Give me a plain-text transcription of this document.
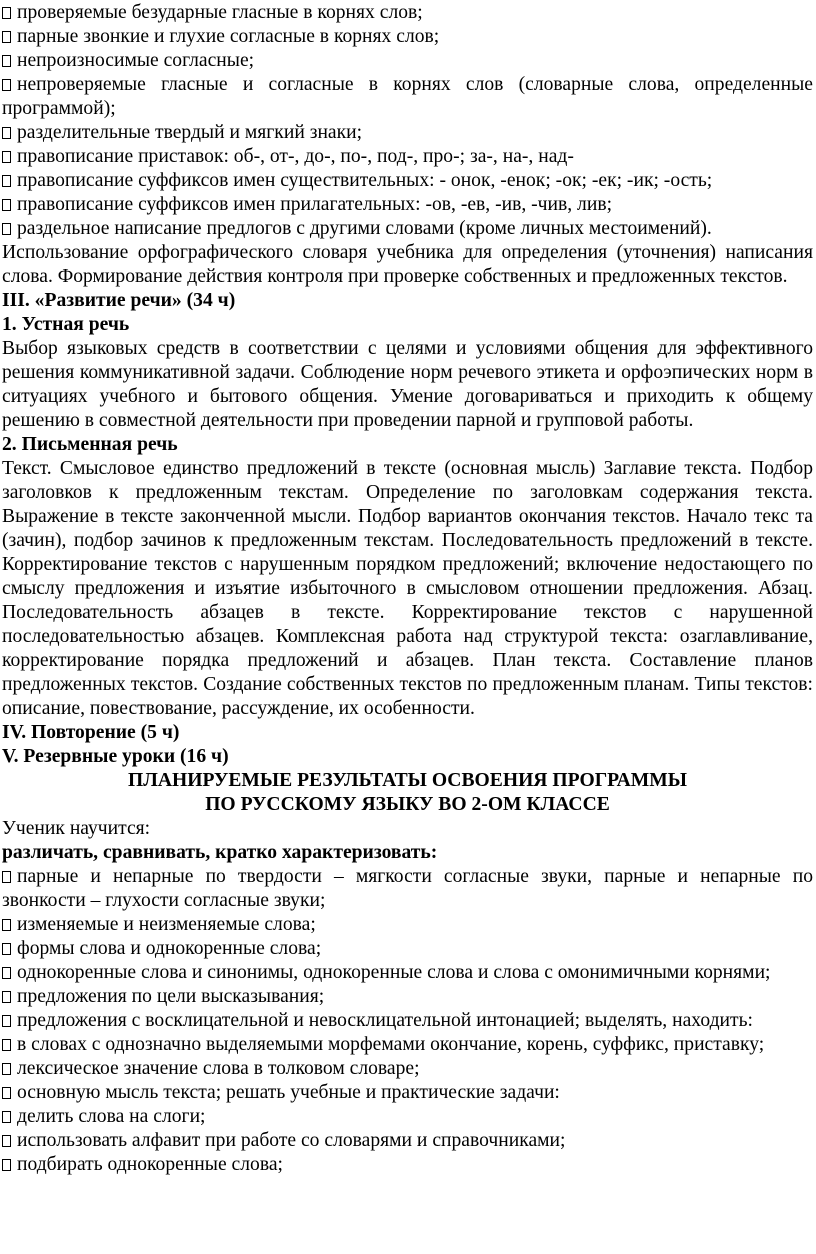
проверяемые безударные гласные в корнях слов;
парные звонкие и глухие согласные в корнях слов;
непроизносимые согласные;
непроверяемые гласные и согласные в корнях слов (словарные слова, определенные программой);
разделительные твердый и мягкий знаки;
правописание приставок: об-, от-, до-, по-, под-, про-; за-, на-, над-
правописание суффиксов имен существительных: - онок, -енок; -ок; -ек; -ик; -ость;
правописание суффиксов имен прилагательных: -ов, -ев, -ив, -чив, лив;
раздельное написание предлогов с другими словами (кроме личных местоимений).

Использование орфографического словаря учебника для определения (уточнения) написания слова. Формирование действия контроля при проверке собственных и предложенных текстов.

III. «Развитие речи» (34 ч)

1. Устная речь

Выбор языковых средств в соответствии с целями и условиями общения для эффективного решения коммуникативной задачи. Соблюдение норм речевого этикета и орфоэпических норм в ситуациях учебного и бытового общения. Умение договариваться и приходить к общему решению в совместной деятельности при проведении парной и групповой работы.

2. Письменная речь

Текст. Смысловое единство предложений в тексте (основная мысль) Заглавие текста. Подбор заголовков к предложенным текстам. Определение по заголовкам содержания текста. Выражение в тексте законченной мысли. Подбор вариантов окончания текстов. Начало текс та (зачин), подбор зачинов к предложенным текстам. Последовательность предложений в тексте. Корректирование текстов с нарушенным порядком предложений; включение недостающего по смыслу предложения и изъятие избыточного в смысловом отношении предложения. Абзац. Последовательность абзацев в тексте. Корректирование текстов с нарушенной последовательностью абзацев. Комплексная работа над структурой текста: озаглавливание, корректирование порядка предложений и абзацев. План текста. Составление планов предложенных текстов. Создание собственных текстов по предложенным планам. Типы текстов: описание, повествование, рассуждение, их особенности.

IV. Повторение (5 ч)

V. Резервные уроки (16 ч)

ПЛАНИРУЕМЫЕ РЕЗУЛЬТАТЫ ОСВОЕНИЯ ПРОГРАММЫ

ПО РУССКОМУ ЯЗЫКУ ВО 2-ОМ КЛАССЕ

Ученик научится:

различать, сравнивать, кратко характеризовать:

парные и непарные по твердости – мягкости согласные звуки, парные и непарные по звонкости – глухости согласные звуки;
изменяемые и неизменяемые слова;
формы слова и однокоренные слова;
однокоренные слова и синонимы, однокоренные слова и слова с омонимичными корнями;
предложения по цели высказывания;
предложения с восклицательной и невосклицательной интонацией; выделять, находить:
в словах с однозначно выделяемыми морфемами окончание, корень, суффикс, приставку;
лексическое значение слова в толковом словаре;
основную мысль текста; решать учебные и практические задачи:
делить слова на слоги;
использовать алфавит при работе со словарями и справочниками;
подбирать однокоренные слова;
